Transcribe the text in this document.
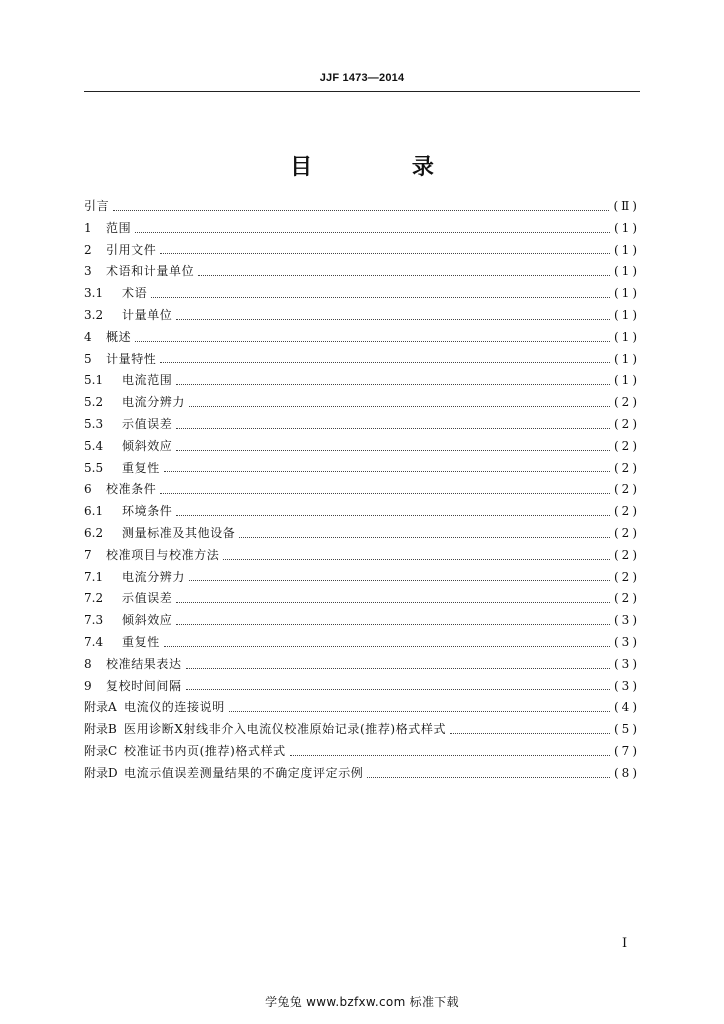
JJF 1473—2014
目 录
引言	(Ⅱ)
1	范围	(1)
2	引用文件	(1)
3	术语和计量单位	(1)
3.1	术语	(1)
3.2	计量单位	(1)
4	概述	(1)
5	计量特性	(1)
5.1	电流范围	(1)
5.2	电流分辨力	(2)
5.3	示值误差	(2)
5.4	倾斜效应	(2)
5.5	重复性	(2)
6	校准条件	(2)
6.1	环境条件	(2)
6.2	测量标准及其他设备	(2)
7	校准项目与校准方法	(2)
7.1	电流分辨力	(2)
7.2	示值误差	(2)
7.3	倾斜效应	(3)
7.4	重复性	(3)
8	校准结果表达	(3)
9	复校时间间隔	(3)
附录A 电流仪的连接说明	(4)
附录B 医用诊断X射线非介入电流仪校准原始记录(推荐)格式样式	(5)
附录C 校准证书内页(推荐)格式样式	(7)
附录D 电流示值误差测量结果的不确定度评定示例	(8)
I
学兔兔 www.bzfxw.com 标准下载
